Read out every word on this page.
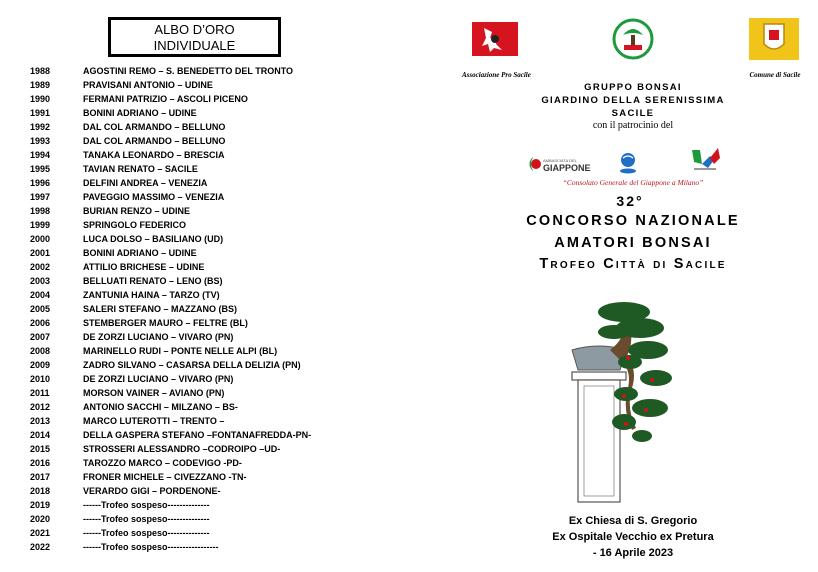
ALBO D’ORO
INDIVIDUALE
1988	AGOSTINI REMO – S. BENEDETTO DEL TRONTO
1989	PRAVISANI ANTONIO – UDINE
1990	FERMANI PATRIZIO – ASCOLI PICENO
1991	BONINI ADRIANO – UDINE
1992	DAL COL ARMANDO – BELLUNO
1993	DAL COL ARMANDO – BELLUNO
1994	TANAKA LEONARDO – BRESCIA
1995	TAVIAN RENATO – SACILE
1996	DELFINI ANDREA – VENEZIA
1997	PAVEGGIO MASSIMO – VENEZIA
1998	BURIAN RENZO – UDINE
1999	SPRINGOLO FEDERICO
2000	LUCA DOLSO – BASILIANO (UD)
2001	BONINI ADRIANO – UDINE
2002	ATTILIO BRICHESE – UDINE
2003	BELLUATI RENATO – LENO (BS)
2004	ZANTUNIA HAINA – TARZO (TV)
2005	SALERI STEFANO – MAZZANO (BS)
2006	STEMBERGER MAURO – FELTRE (BL)
2007	DE ZORZI LUCIANO – VIVARO (PN)
2008	MARINELLO RUDI – PONTE NELLE ALPI (BL)
2009	ZADRO SILVANO – CASARSA DELLA DELIZIA (PN)
2010	DE ZORZI LUCIANO – VIVARO (PN)
2011	MORSON VAINER – AVIANO (PN)
2012	ANTONIO SACCHI – MILZANO – BS-
2013	MARCO LUTEROTTI – TRENTO –
2014	DELLA GASPERA STEFANO –FONTANAFREDDA-PN-
2015	STROSSERI ALESSANDRO –CODROIPO –UD-
2016	TAROZZO MARCO – CODEVIGO -PD-
2017	FRONER MICHELE – CIVEZZANO -TN-
2018	VERARDO GIGI – PORDENONE-
2019	------Trofeo sospeso--------------
2020	------Trofeo sospeso--------------
2021	------Trofeo sospeso--------------
2022	------Trofeo sospeso-----------------
Associazione Pro Sacile	Comune di Sacile
GRUPPO BONSAI
GIARDINO DELLA SERENISSIMA
SACILE
con il patrocinio del
AMBASCIATA DEL
GIAPPONE
“Consolato Generale del Giappone a Milano”
32°
CONCORSO NAZIONALE
AMATORI BONSAI
Trofeo Città di Sacile
Ex Chiesa di S. Gregorio
Ex Ospitale Vecchio ex Pretura
- 16 Aprile 2023
